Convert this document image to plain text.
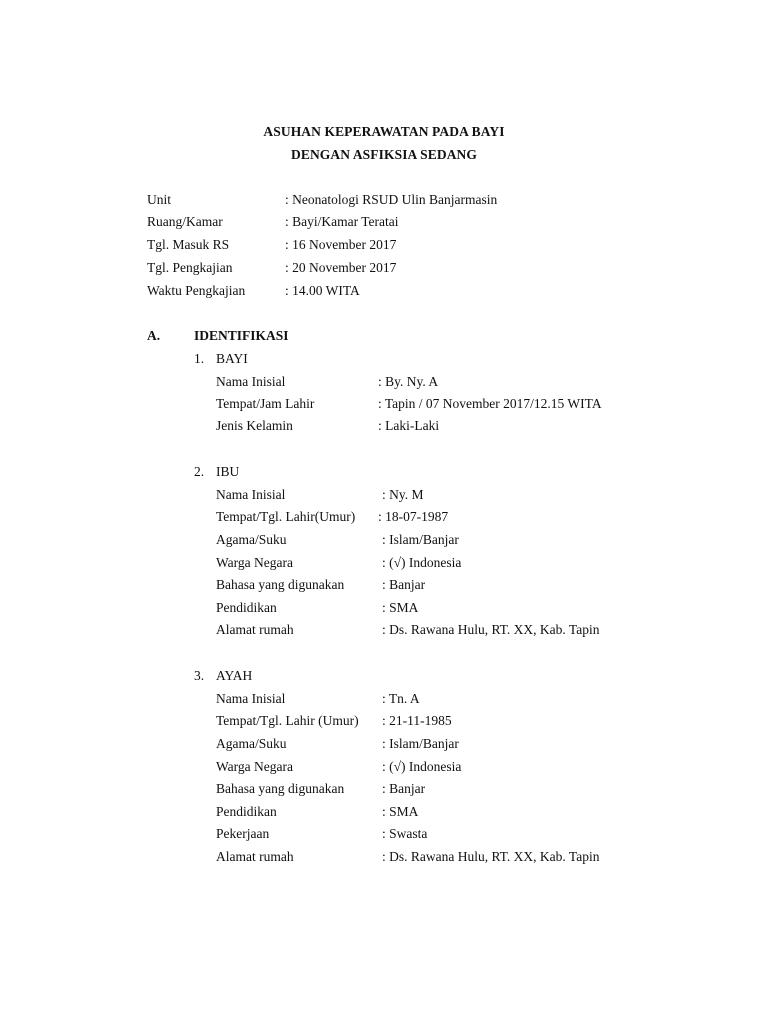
ASUHAN KEPERAWATAN PADA BAYI
DENGAN ASFIKSIA SEDANG
Unit	: Neonatologi RSUD Ulin Banjarmasin
Ruang/Kamar	: Bayi/Kamar Teratai
Tgl. Masuk RS	: 16 November 2017
Tgl. Pengkajian	: 20 November 2017
Waktu Pengkajian	: 14.00 WITA
A.	IDENTIFIKASI
1. BAYI
Nama Inisial	: By. Ny. A
Tempat/Jam Lahir	: Tapin / 07 November 2017/12.15 WITA
Jenis Kelamin	: Laki-Laki
2. IBU
Nama Inisial	: Ny. M
Tempat/Tgl. Lahir(Umur) : 18-07-1987
Agama/Suku	: Islam/Banjar
Warga Negara	: (√) Indonesia
Bahasa yang digunakan	: Banjar
Pendidikan	: SMA
Alamat rumah	: Ds. Rawana Hulu, RT. XX, Kab. Tapin
3. AYAH
Nama Inisial	: Tn. A
Tempat/Tgl. Lahir (Umur) : 21-11-1985
Agama/Suku	: Islam/Banjar
Warga Negara	: (√) Indonesia
Bahasa yang digunakan	: Banjar
Pendidikan	: SMA
Pekerjaan	: Swasta
Alamat rumah	: Ds. Rawana Hulu, RT. XX, Kab. Tapin
